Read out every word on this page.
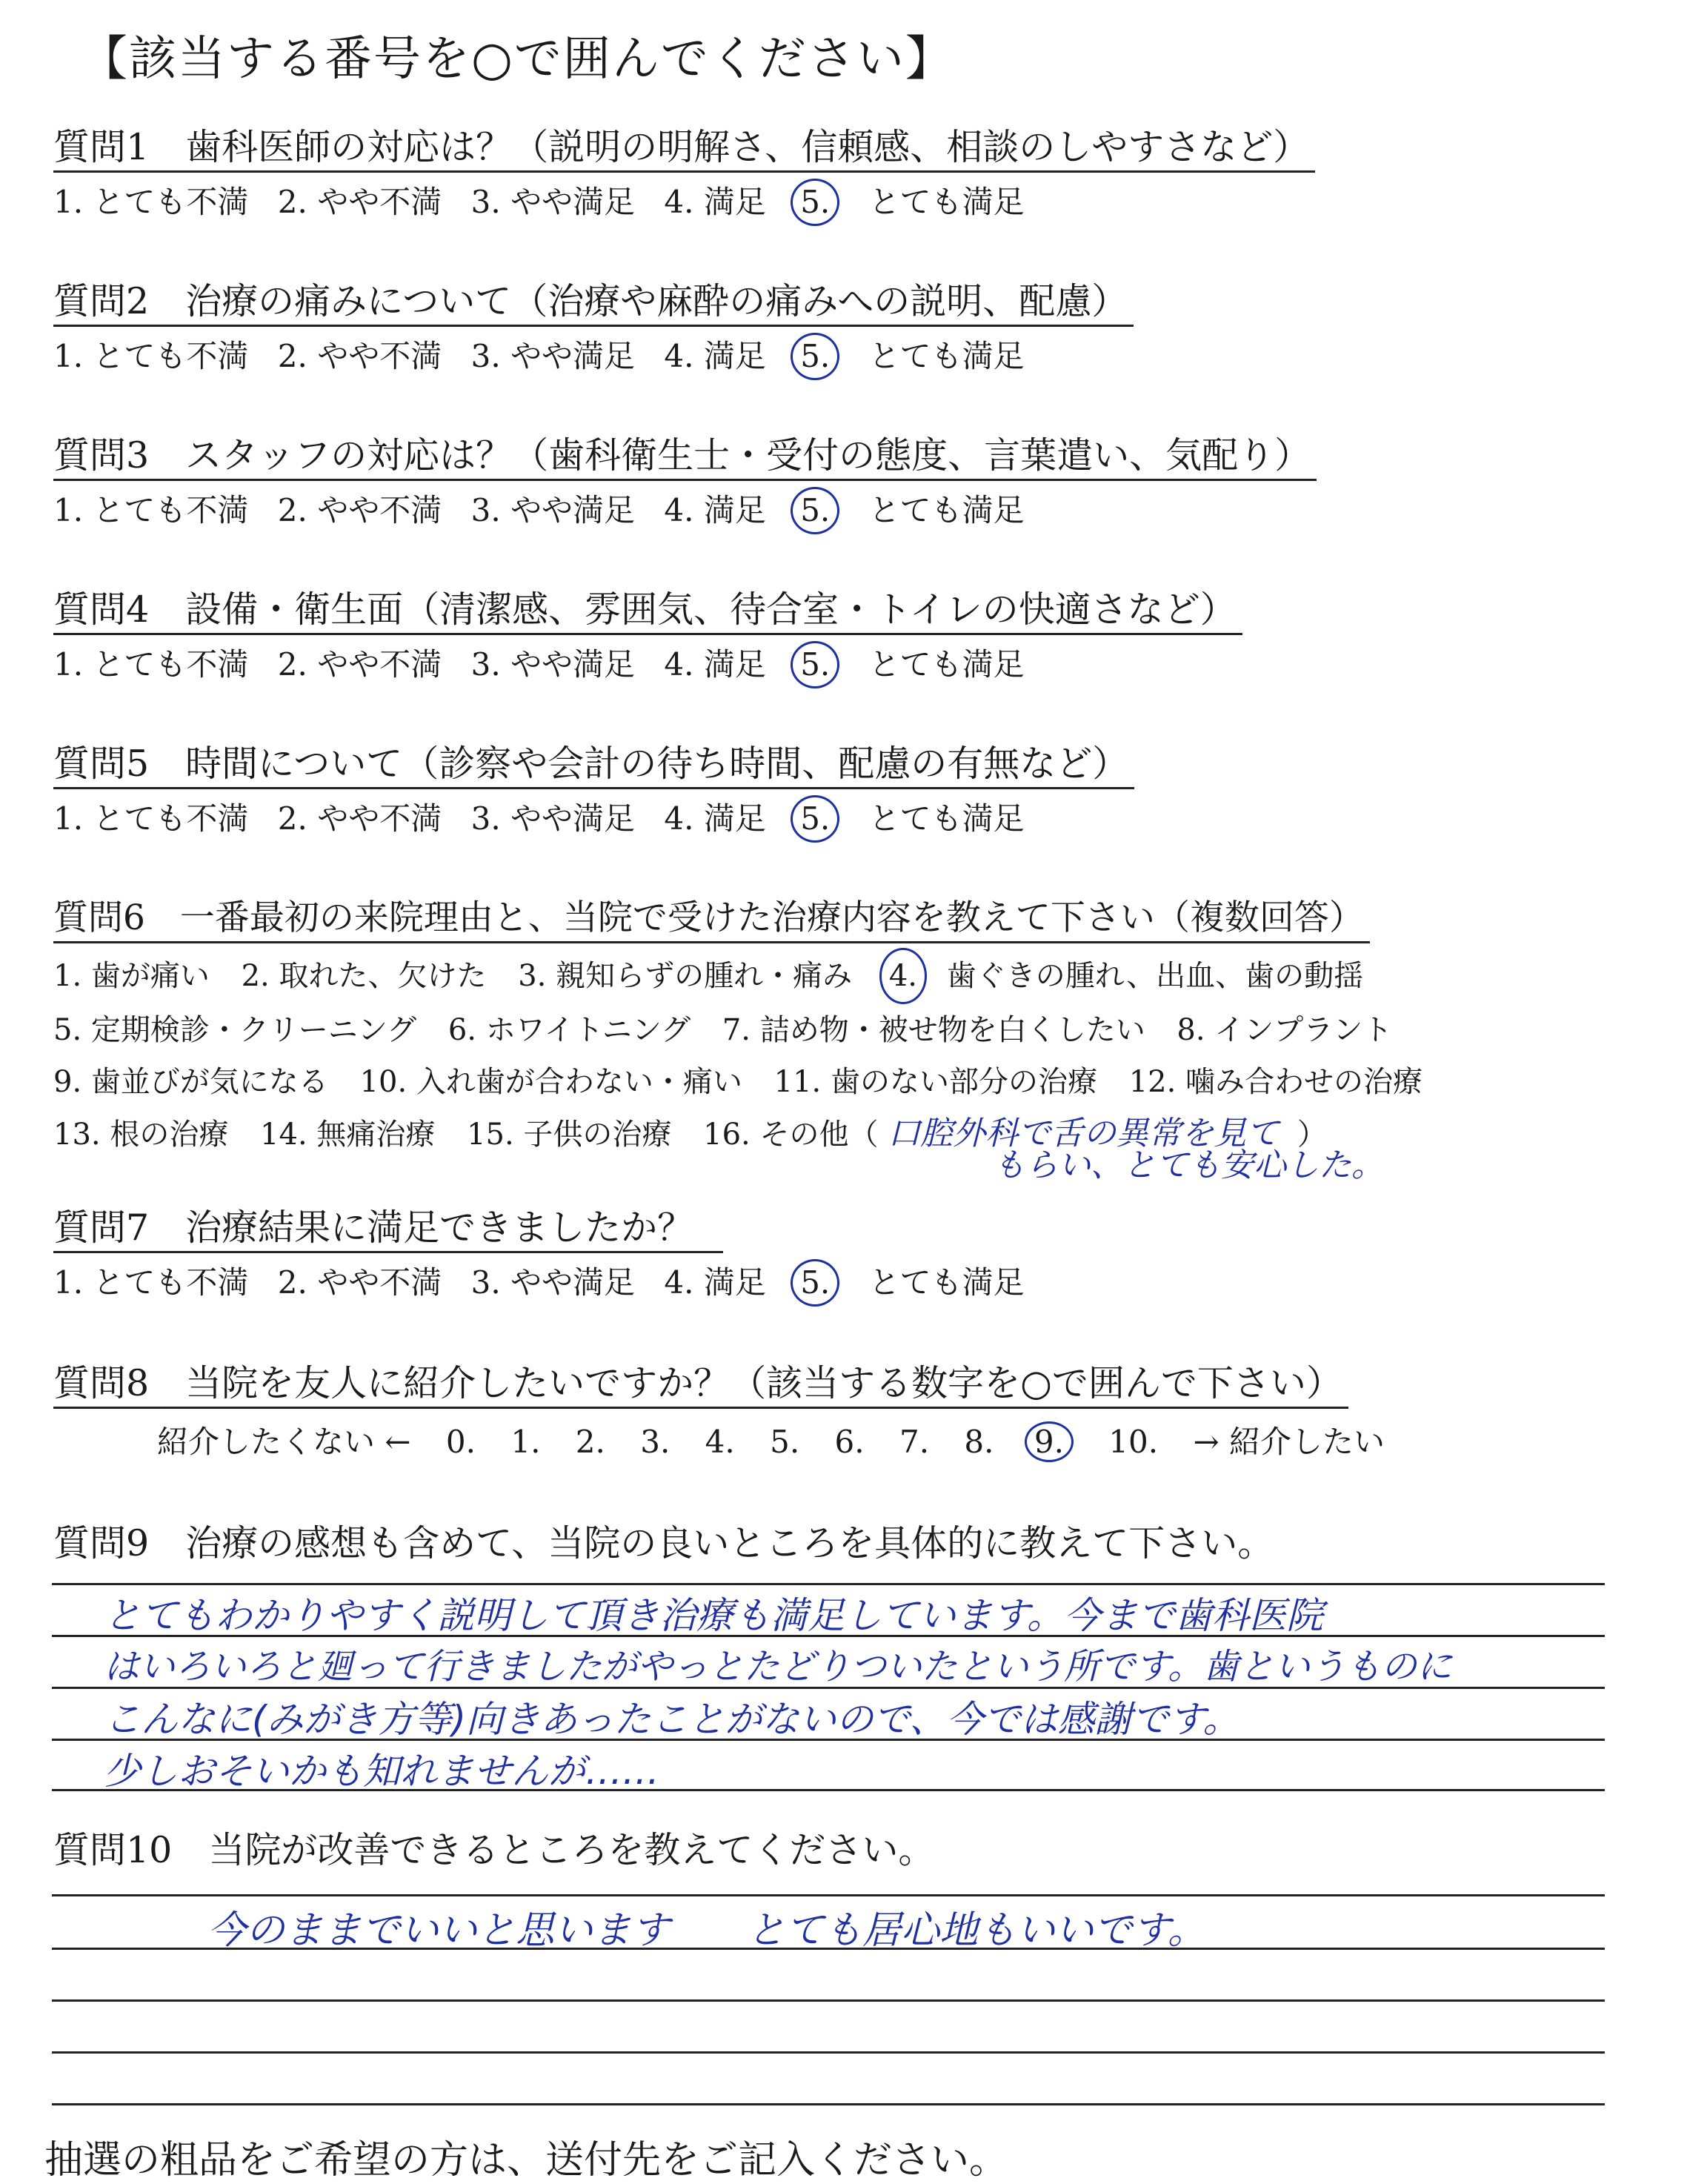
【該当する番号を○で囲んでください】
質問1　歯科医師の対応は？（説明の明解さ、信頼感、相談のしやすさなど）
1. とても不満 2. やや不満 3. やや満足 4. 満足 5. とても満足
質問2　治療の痛みについて（治療や麻酔の痛みへの説明、配慮）
1. とても不満 2. やや不満 3. やや満足 4. 満足 5. とても満足
質問3　スタッフの対応は？（歯科衛生士・受付の態度、言葉遣い、気配り）
1. とても不満 2. やや不満 3. やや満足 4. 満足 5. とても満足
質問4　設備・衛生面（清潔感、雰囲気、待合室・トイレの快適さなど）
1. とても不満 2. やや不満 3. やや満足 4. 満足 5. とても満足
質問5　時間について（診察や会計の待ち時間、配慮の有無など）
1. とても不満 2. やや不満 3. やや満足 4. 満足 5. とても満足
質問6　一番最初の来院理由と、当院で受けた治療内容を教えて下さい（複数回答）
1. 歯が痛い 2. 取れた、欠けた 3. 親知らずの腫れ・痛み 4. 歯ぐきの腫れ、出血、歯の動揺
5. 定期検診・クリーニング 6. ホワイトニング 7. 詰め物・被せ物を白くしたい 8. インプラント
9. 歯並びが気になる 10. 入れ歯が合わない・痛い 11. 歯のない部分の治療 12. 噛み合わせの治療
13. 根の治療 14. 無痛治療 15. 子供の治療 16. その他（ 口腔外科で舌の異常を見て ）
もらい、とても安心した。
質問7　治療結果に満足できましたか？
1. とても不満 2. やや不満 3. やや満足 4. 満足 5. とても満足
質問8　当院を友人に紹介したいですか？（該当する数字を○で囲んで下さい）
紹介したくない ← 0. 1. 2. 3. 4. 5. 6. 7. 8. 9. 10. → 紹介したい
質問9　治療の感想も含めて、当院の良いところを具体的に教えて下さい。
とてもわかりやすく説明して頂き治療も満足しています。今まで歯科医院
はいろいろと廻って行きましたがやっとたどりついたという所です。歯というものに
こんなに(みがき方等)向きあったことがないので、今では感謝です。
少しおそいかも知れませんが……
質問10　当院が改善できるところを教えてください。
今のままでいいと思います　　とても居心地もいいです。
抽選の粗品をご希望の方は、送付先をご記入ください。
